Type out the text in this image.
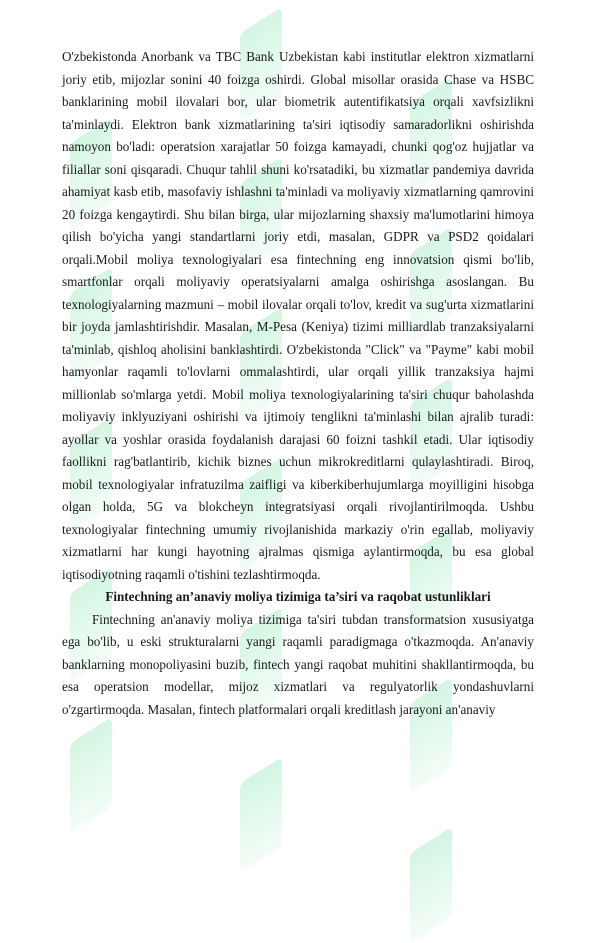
O'zbekistonda Anorbank va TBC Bank Uzbekistan kabi institutlar elektron xizmatlarni joriy etib, mijozlar sonini 40 foizga oshirdi. Global misollar orasida Chase va HSBC banklarining mobil ilovalari bor, ular biometrik autentifikatsiya orqali xavfsizlikni ta'minlaydi. Elektron bank xizmatlarining ta'siri iqtisodiy samaradorlikni oshirishda namoyon bo'ladi: operatsion xarajatlar 50 foizga kamayadi, chunki qog'oz hujjatlar va filiallar soni qisqaradi. Chuqur tahlil shuni ko'rsatadiki, bu xizmatlar pandemiya davrida ahamiyat kasb etib, masofaviy ishlashni ta'minladi va moliyaviy xizmatlarning qamrovini 20 foizga kengaytirdi. Shu bilan birga, ular mijozlarning shaxsiy ma'lumotlarini himoya qilish bo'yicha yangi standartlarni joriy etdi, masalan, GDPR va PSD2 qoidalari orqali.Mobil moliya texnologiyalari esa fintechning eng innovatsion qismi bo'lib, smartfonlar orqali moliyaviy operatsiyalarni amalga oshirishga asoslangan. Bu texnologiyalarning mazmuni – mobil ilovalar orqali to'lov, kredit va sug'urta xizmatlarini bir joyda jamlashtirishdir. Masalan, M-Pesa (Keniya) tizimi milliardlab tranzaksiyalarni ta'minlab, qishloq aholisini banklashtirdi. O'zbekistonda "Click" va "Payme" kabi mobil hamyonlar raqamli to'lovlarni ommalashtirdi, ular orqali yillik tranzaksiya hajmi millionlab so'mlarga yetdi. Mobil moliya texnologiyalarining ta'siri chuqur baholashda moliyaviy inklyuziyani oshirishi va ijtimoiy tenglikni ta'minlashi bilan ajralib turadi: ayollar va yoshlar orasida foydalanish darajasi 60 foizni tashkil etadi. Ular iqtisodiy faollikni rag'batlantirib, kichik biznes uchun mikrokreditlarni qulaylashtiradi. Biroq, mobil texnologiyalar infratuzilma zaifligi va kiberkiberhujumlarga moyilligini hisobga olgan holda, 5G va blokcheyn integratsiyasi orqali rivojlantirilmoqda. Ushbu texnologiyalar fintechning umumiy rivojlanishida markaziy o'rin egallab, moliyaviy xizmatlarni har kungi hayotning ajralmas qismiga aylantirmoqda, bu esa global iqtisodiyotning raqamli o'tishini tezlashtirmoqda.

Fintechning an’anaviy moliya tizimiga ta’siri va raqobat ustunliklari

Fintechning an'anaviy moliya tizimiga ta'siri tubdan transformatsion xususiyatga ega bo'lib, u eski strukturalarni yangi raqamli paradigmaga o'tkazmoqda. An'anaviy banklarning monopoliyasini buzib, fintech yangi raqobat muhitini shakllantirmoqda, bu esa operatsion modellar, mijoz xizmatlari va regulyatorlik yondashuvlarni o'zgartirmoqda. Masalan, fintech platformalari orqali kreditlash jarayoni an'anaviy
